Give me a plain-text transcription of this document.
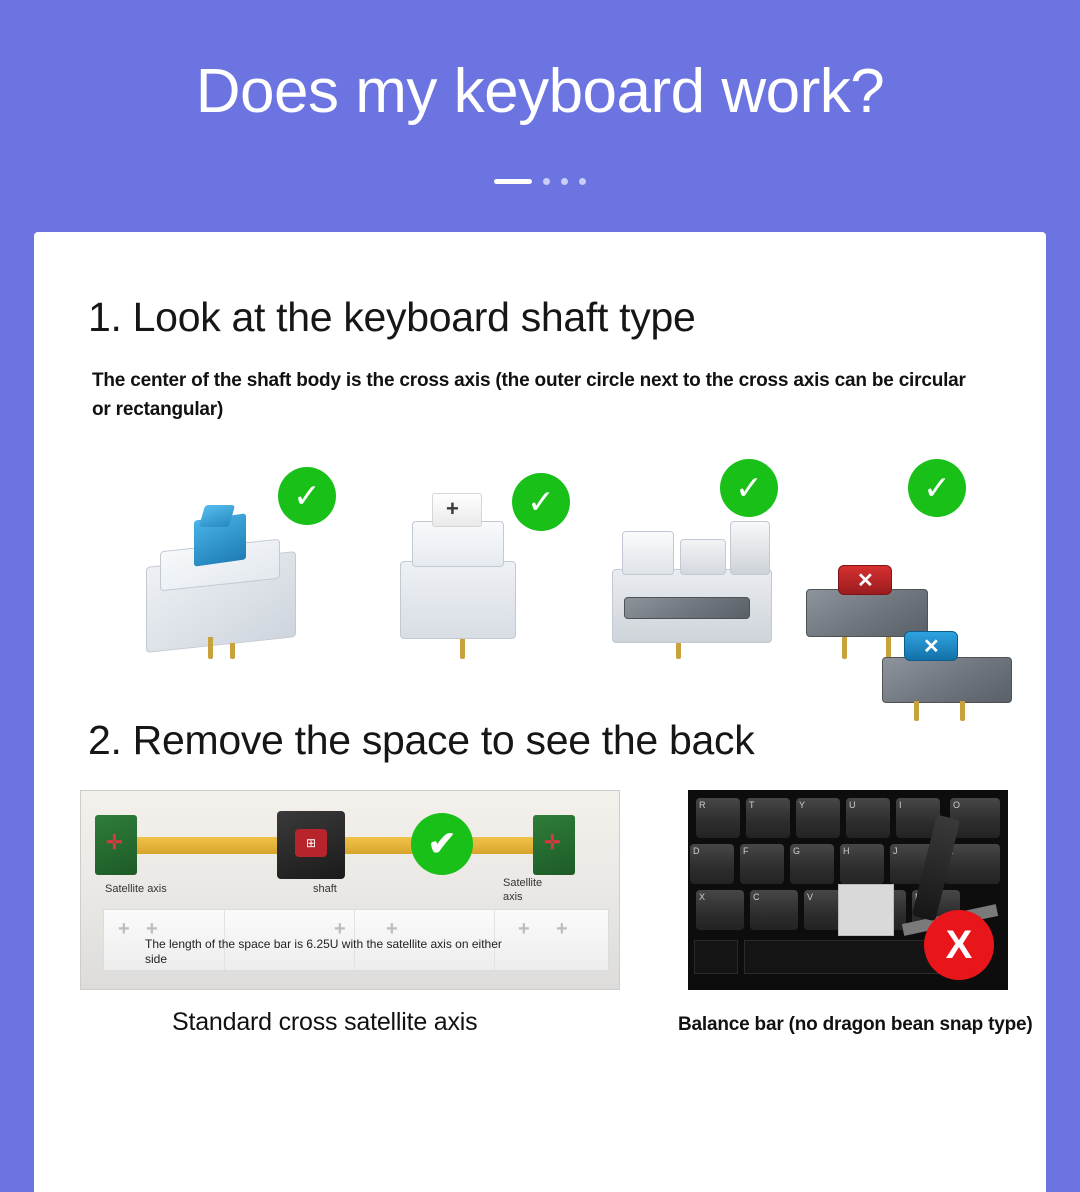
Does my keyboard work?
1. Look at the keyboard shaft type
The center of the shaft body is the cross axis (the outer circle next to the cross axis can be circular or rectangular)
✓	+	✓	✓
✕
✓
✕
2. Remove the space to see the back
✛	✛
⊞
Satellite axis	shaft	Satellite axis
+ +	+ +	+ +
The length of the space bar is 6.25U with the satellite axis on either side
✔
R	T	Y	U	I	O
D	F	G	H	J
X	C	V
X
Standard cross satellite axis	Balance bar (no dragon bean snap type)
